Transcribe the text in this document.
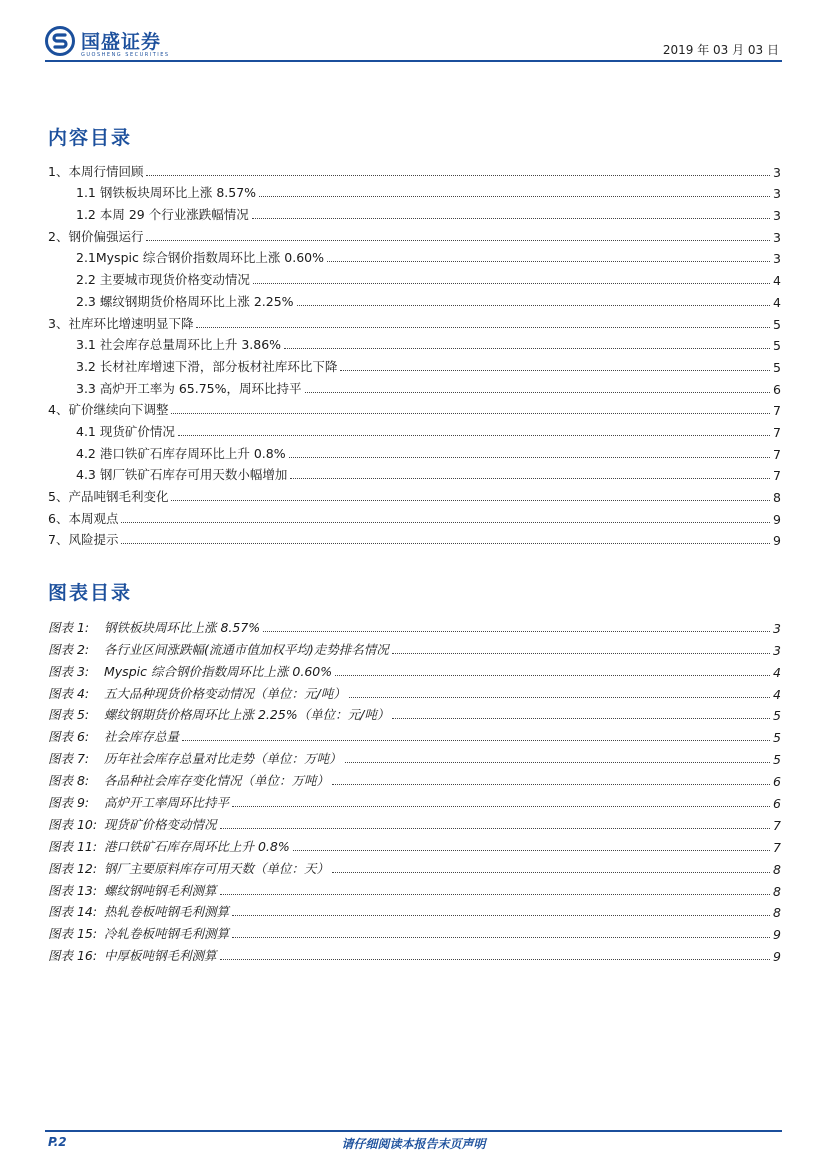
国盛证券
GUOSHENG SECURITIES	2019 年 03 月 03 日
内容目录
1、本周行情回顾	3
1.1 钢铁板块周环比上涨 8.57%	3
1.2 本周 29 个行业涨跌幅情况	3
2、钢价偏强运行	3
2.1Myspic 综合钢价指数周环比上涨 0.60%	3
2.2 主要城市现货价格变动情况	4
2.3 螺纹钢期货价格周环比上涨 2.25%	4
3、社库环比增速明显下降	5
3.1 社会库存总量周环比上升 3.86%	5
3.2 长材社库增速下滑，部分板材社库环比下降	5
3.3 高炉开工率为 65.75%，周环比持平	6
4、矿价继续向下调整	7
4.1 现货矿价情况	7
4.2 港口铁矿石库存周环比上升 0.8%	7
4.3 钢厂铁矿石库存可用天数小幅增加	7
5、产品吨钢毛利变化	8
6、本周观点	9
7、风险提示	9
图表目录
图表 1: 钢铁板块周环比上涨 8.57%	3
图表 2: 各行业区间涨跌幅(流通市值加权平均)走势排名情况	3
图表 3: Myspic 综合钢价指数周环比上涨 0.60%	4
图表 4: 五大品种现货价格变动情况（单位：元/吨）	4
图表 5: 螺纹钢期货价格周环比上涨 2.25%（单位：元/吨）	5
图表 6: 社会库存总量	5
图表 7: 历年社会库存总量对比走势（单位：万吨）	5
图表 8: 各品种社会库存变化情况（单位：万吨）	6
图表 9: 高炉开工率周环比持平	6
图表 10: 现货矿价格变动情况	7
图表 11: 港口铁矿石库存周环比上升 0.8%	7
图表 12: 钢厂主要原料库存可用天数（单位：天）	8
图表 13: 螺纹钢吨钢毛利测算	8
图表 14: 热轧卷板吨钢毛利测算	8
图表 15: 冷轧卷板吨钢毛利测算	9
图表 16: 中厚板吨钢毛利测算	9
请仔细阅读本报告末页声明
P.2
